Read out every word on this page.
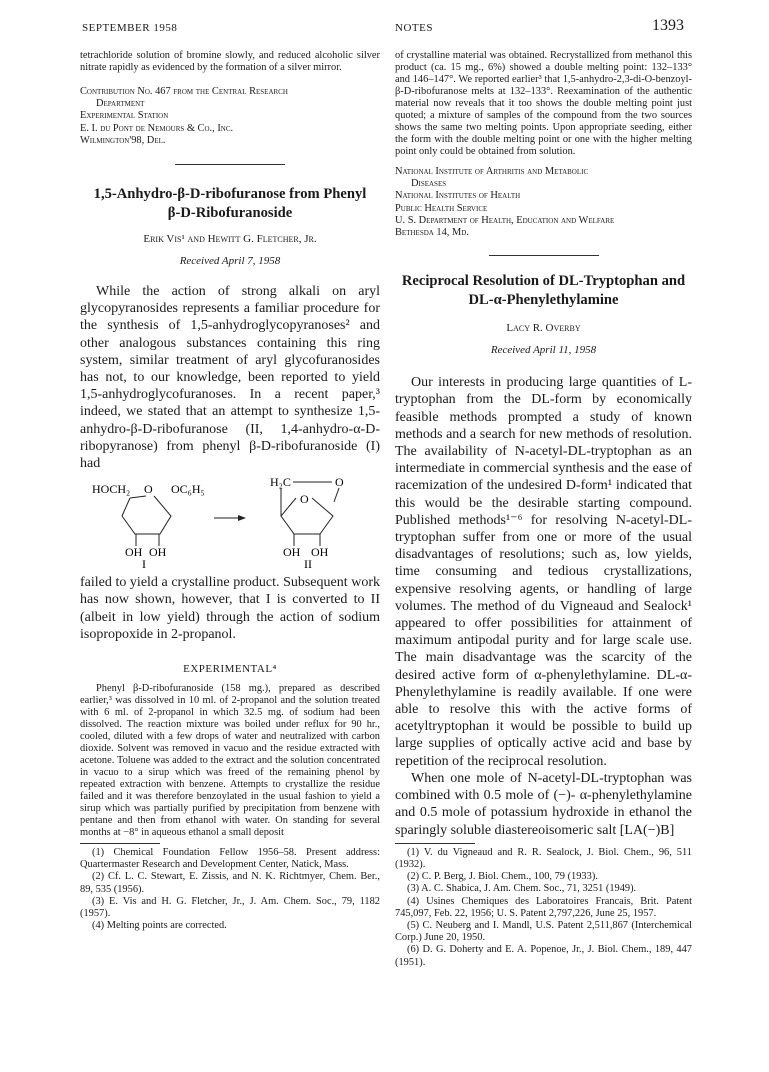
SEPTEMBER 1958	NOTES	1393

tetrachloride solution of bromine slowly, and reduced alcoholic silver nitrate rapidly as evidenced by the formation of a silver mirror.

Contribution No. 467 from the Central Research

Department

Experimental Station

E. I. du Pont de Nemours & Co., Inc.

Wilmington'98, Del.

1,5-Anhydro-β-D-ribofuranose from Phenyl

β-D-Ribofuranoside

Erik Vis¹ and Hewitt G. Fletcher, Jr.

Received April 7, 1958

While the action of strong alkali on aryl glycopyranosides represents a familiar procedure for the synthesis of 1,5-anhydroglycopyranoses² and other analogous substances containing this ring system, similar treatment of aryl glycofuranosides has not, to our knowledge, been reported to yield 1,5-anhydroglycofuranoses. In a recent paper,³ indeed, we stated that an attempt to synthesize 1,5-anhydro-β-D-ribofuranose (II, 1,4-anhydro-α-D-ribopyranose) from phenyl β-D-ribofuranoside (I) had

HOCH₂ O OC₆H₅
OH OH
I
H₂C	O
O
OH OH
II

failed to yield a crystalline product. Subsequent work has now shown, however, that I is converted to II (albeit in low yield) through the action of sodium isopropoxide in 2-propanol.

EXPERIMENTAL⁴

Phenyl β-D-ribofuranoside (158 mg.), prepared as described earlier,³ was dissolved in 10 ml. of 2-propanol and the solution treated with 6 ml. of 2-propanol in which 32.5 mg. of sodium had been dissolved. The reaction mixture was boiled under reflux for 90 hr., cooled, diluted with a few drops of water and neutralized with carbon dioxide. Solvent was removed in vacuo and the residue extracted with acetone. Toluene was added to the extract and the solution concentrated in vacuo to a sirup which was freed of the remaining phenol by repeated extraction with benzene. Attempts to crystallize the residue failed and it was therefore benzoylated in the usual fashion to yield a sirup which was partially purified by precipitation from benzene with pentane and then from ethanol with water. On standing for several months at −8° in aqueous ethanol a small deposit

(1) Chemical Foundation Fellow 1956–58. Present address: Quartermaster Research and Development Center, Natick, Mass.

(2) Cf. L. C. Stewart, E. Zissis, and N. K. Richtmyer, Chem. Ber., 89, 535 (1956).

(3) E. Vis and H. G. Fletcher, Jr., J. Am. Chem. Soc., 79, 1182 (1957).

(4) Melting points are corrected.

of crystalline material was obtained. Recrystallized from methanol this product (ca. 15 mg., 6%) showed a double melting point: 132–133° and 146–147°. We reported earlier³ that 1,5-anhydro-2,3-di-O-benzoyl-β-D-ribofuranose melts at 132–133°. Reexamination of the authentic material now reveals that it too shows the double melting point just quoted; a mixture of samples of the compound from the two sources shows the same two melting points. Upon appropriate seeding, either the form with the double melting point or one with the higher melting point only could be obtained from solution.

National Institute of Arthritis and Metabolic

Diseases

National Institutes of Health

Public Health Service

U. S. Department of Health, Education and Welfare

Bethesda 14, Md.

Reciprocal Resolution of DL-Tryptophan and

DL-α-Phenylethylamine

Lacy R. Overby

Received April 11, 1958

Our interests in producing large quantities of L-tryptophan from the DL-form by economically feasible methods prompted a study of known methods and a search for new methods of resolution. The availability of N-acetyl-DL-tryptophan as an intermediate in commercial synthesis and the ease of racemization of the undesired D-form¹ indicated that this would be the desirable starting compound. Published methods¹⁻⁶ for resolving N-acetyl-DL-tryptophan suffer from one or more of the usual disadvantages of resolutions; such as, low yields, time consuming and tedious crystallizations, expensive resolving agents, or handling of large volumes. The method of du Vigneaud and Sealock¹ appeared to offer possibilities for attainment of maximum antipodal purity and for large scale use. The main disadvantage was the scarcity of the desired active form of α-phenylethylamine. DL-α-Phenylethylamine is readily available. If one were able to resolve this with the active forms of acetyltryptophan it would be possible to build up large supplies of optically active acid and base by repetition of the reciprocal resolution.

When one mole of N-acetyl-DL-tryptophan was combined with 0.5 mole of (−)- α-phenylethylamine and 0.5 mole of potassium hydroxide in ethanol the sparingly soluble diastereoisomeric salt [LA(−)B]

(1) V. du Vigneaud and R. R. Sealock, J. Biol. Chem., 96, 511 (1932).

(2) C. P. Berg, J. Biol. Chem., 100, 79 (1933).

(3) A. C. Shabica, J. Am. Chem. Soc., 71, 3251 (1949).

(4) Usines Chemiques des Laboratoires Francais, Brit. Patent 745,097, Feb. 22, 1956; U. S. Patent 2,797,226, June 25, 1957.

(5) C. Neuberg and I. Mandl, U.S. Patent 2,511,867 (Interchemical Corp.) June 20, 1950.

(6) D. G. Doherty and E. A. Popenoe, Jr., J. Biol. Chem., 189, 447 (1951).
